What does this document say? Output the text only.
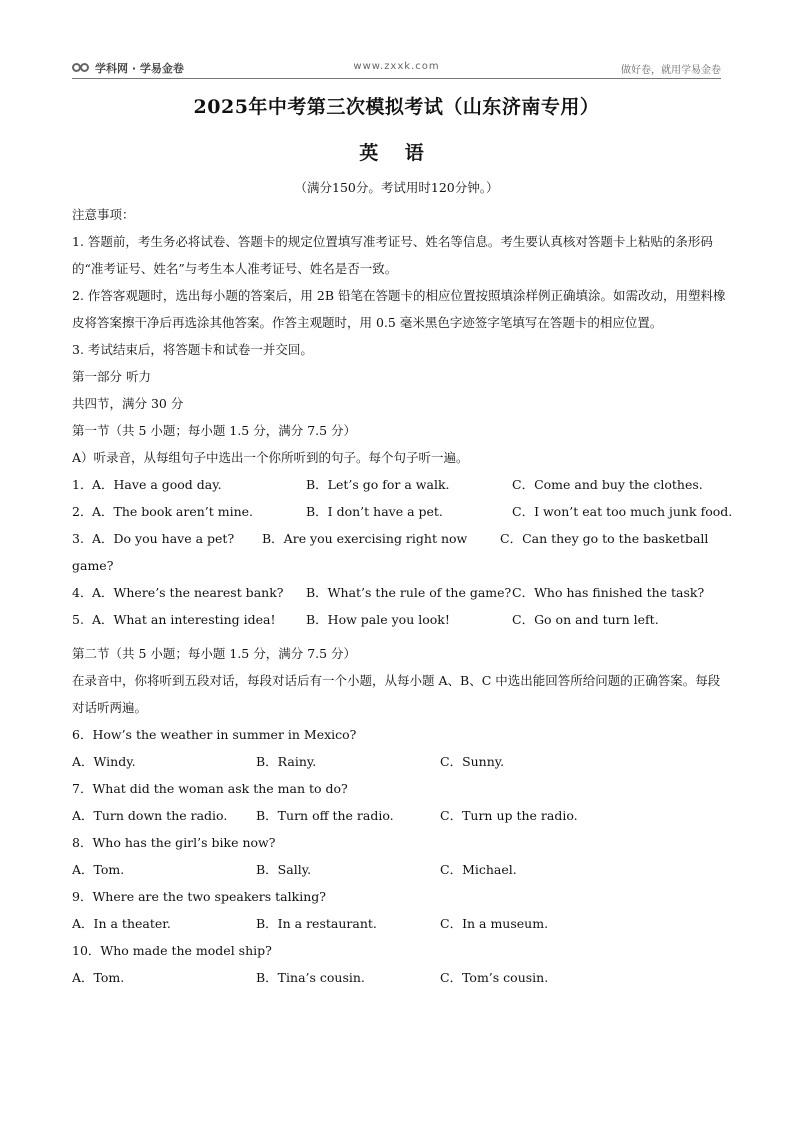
学科网 · 学易金卷	www.zxxk.com	做好卷，就用学易金卷
2025年中考第三次模拟考试（山东济南专用）
英 语
（满分150分。考试用时120分钟。）
注意事项：
1. 答题前，考生务必将试卷、答题卡的规定位置填写准考证号、姓名等信息。考生要认真核对答题卡上粘贴的条形码的“准考证号、姓名”与考生本人准考证号、姓名是否一致。
2. 作答客观题时，选出每小题的答案后，用 2B 铅笔在答题卡的相应位置按照填涂样例正确填涂。如需改动，用塑料橡皮将答案擦干净后再选涂其他答案。作答主观题时，用 0.5 毫米黑色字迹签字笔填写在答题卡的相应位置。
3. 考试结束后，将答题卡和试卷一并交回。
第一部分 听力
共四节，满分 30 分
第一节（共 5 小题；每小题 1.5 分，满分 7.5 分）
A）听录音，从每组句子中选出一个你所听到的句子。每个句子听一遍。
1． A．Have a good day.	B．Let’s go for a walk.	C．Come and buy the clothes.
2． A．The book aren’t mine.	B．I don’t have a pet.	C．I won’t eat too much junk food.
3. A．Do you have a pet? B．Are you exercising right now	C．Can they go to the basketball
game?
4． A．Where’s the nearest bank? B．What’s the rule of the game? C．Who has finished the task?
5. A．What an interesting idea! B．How pale you look!	C．Go on and turn left.
第二节（共 5 小题；每小题 1.5 分，满分 7.5 分）
在录音中，你将听到五段对话，每段对话后有一个小题，从每小题 A、B、C 中选出能回答所给问题的正确答案。每段对话听两遍。
6．How’s the weather in summer in Mexico?
A．Windy.	B．Rainy.	C．Sunny.
7．What did the woman ask the man to do?
A．Turn down the radio. B．Turn off the radio.	C．Turn up the radio.
8．Who has the girl’s bike now?
A．Tom.	B．Sally.	C．Michael.
9．Where are the two speakers talking?
A．In a theater.	B．In a restaurant.	C．In a museum.
10．Who made the model ship?
A．Tom.	B．Tina’s cousin.	C．Tom’s cousin.
